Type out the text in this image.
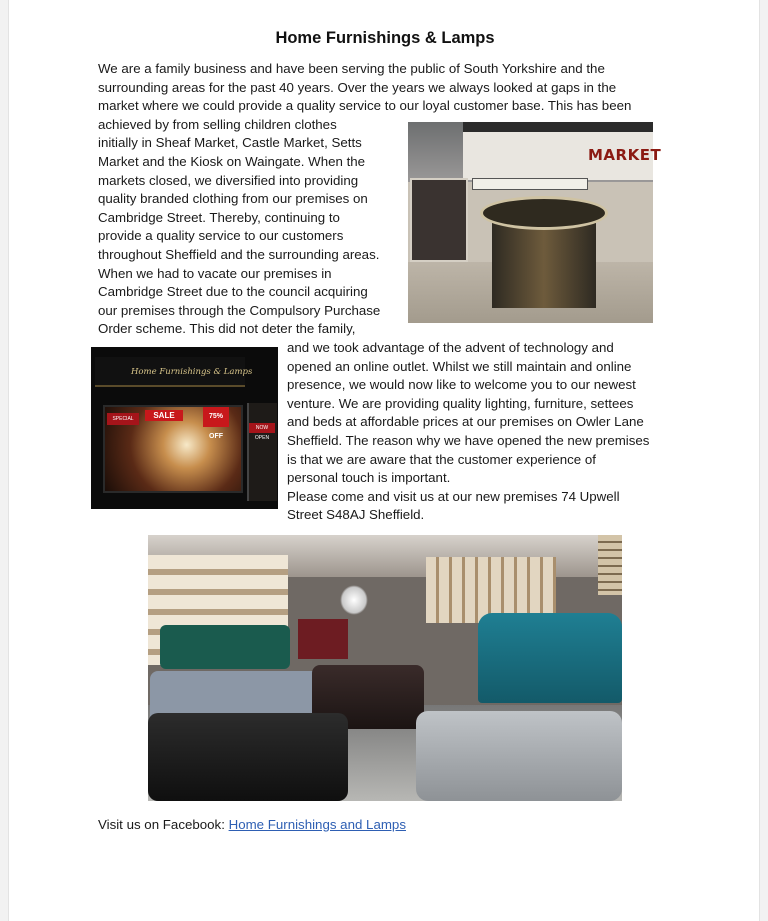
Home Furnishings & Lamps
We are a family business and have been serving the public of South Yorkshire and the
surrounding areas for the past 40 years. Over the years we always looked at gaps in the
market where we could provide a quality service to our loyal customer base. This has been
achieved by from selling children clothes
initially in Sheaf Market, Castle Market, Setts
Market and the Kiosk on Waingate. When the
markets closed, we diversified into providing
quality branded clothing from our premises on
Cambridge Street. Thereby, continuing to
provide a quality service to our customers
throughout Sheffield and the surrounding areas.
When we had to vacate our premises in
Cambridge Street due to the council acquiring
our premises through the Compulsory Purchase
Order scheme. This did not deter the family,
MARKET
Home Furnishings & Lamps
SPECIAL	SALE	75% OFF
NOW OPEN
and we took advantage of the advent of technology and
opened an online outlet. Whilst we still maintain and online
presence, we would now like to welcome you to our newest
venture. We are providing quality lighting, furniture, settees
and beds at affordable prices at our premises on Owler Lane
Sheffield. The reason why we have opened the new premises
is that we are aware that the customer experience of
personal touch is important.
Please come and visit us at our new premises 74 Upwell
Street S48AJ Sheffield.
Visit us on Facebook: Home Furnishings and Lamps
